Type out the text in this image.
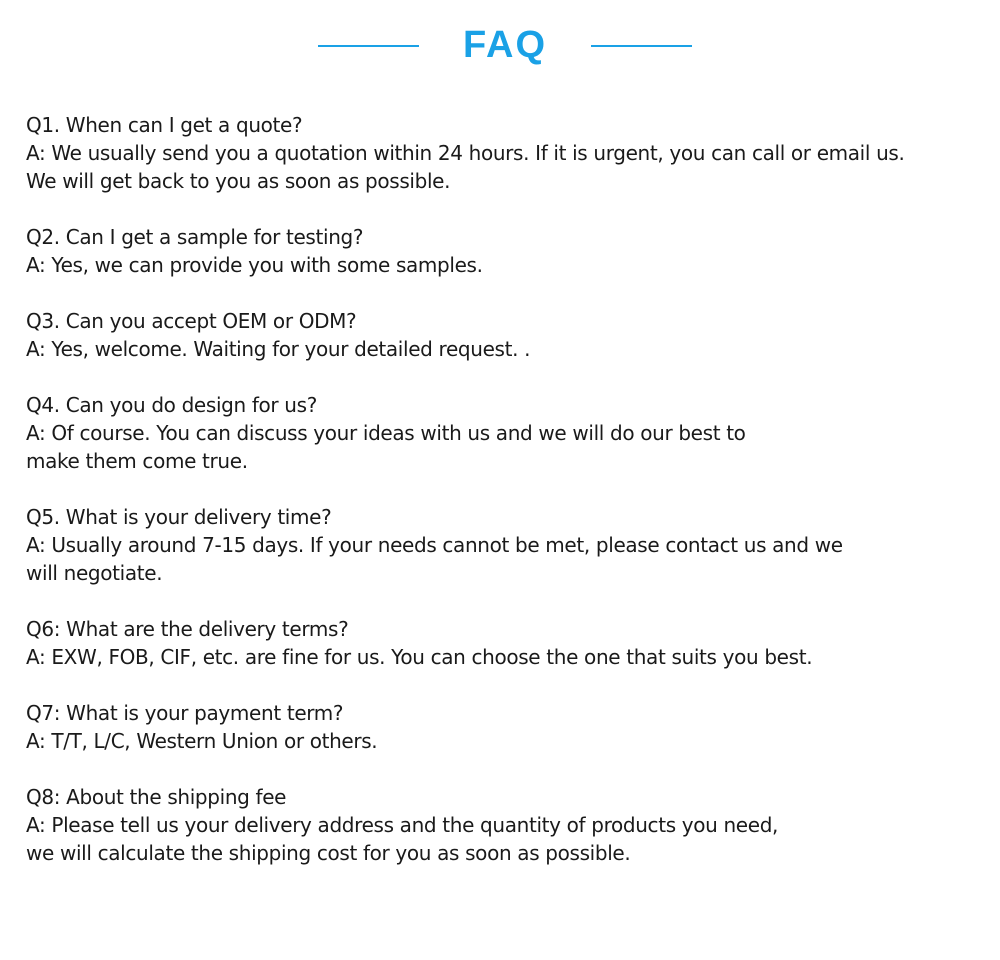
FAQ
Q1. When can I get a quote?
A: We usually send you a quotation within 24 hours. If it is urgent, you can call or email us.
We will get back to you as soon as possible.
Q2. Can I get a sample for testing?
A: Yes, we can provide you with some samples.
Q3. Can you accept OEM or ODM?
A: Yes, welcome. Waiting for your detailed request. .
Q4. Can you do design for us?
A: Of course. You can discuss your ideas with us and we will do our best to
make them come true.
Q5. What is your delivery time?
A: Usually around 7-15 days. If your needs cannot be met, please contact us and we
will negotiate.
Q6: What are the delivery terms?
A: EXW, FOB, CIF, etc. are fine for us. You can choose the one that suits you best.
Q7: What is your payment term?
A: T/T, L/C, Western Union or others.
Q8: About the shipping fee
A: Please tell us your delivery address and the quantity of products you need,
we will calculate the shipping cost for you as soon as possible.
